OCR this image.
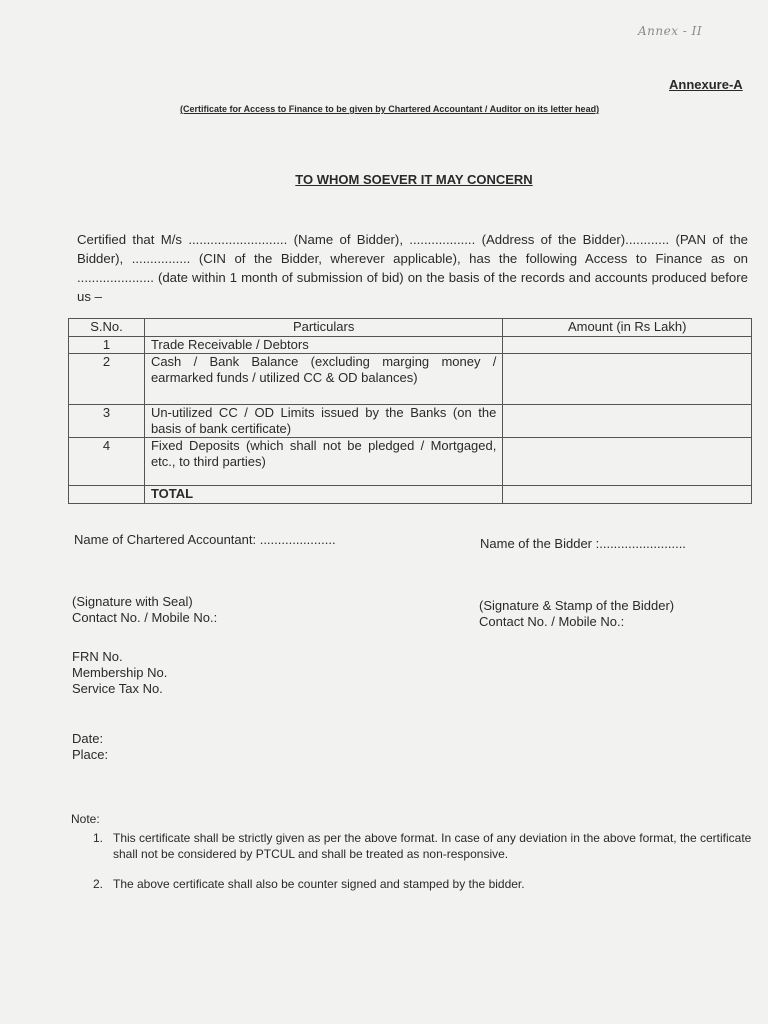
Annex - II
Annexure-A
(Certificate for Access to Finance to be given by Chartered Accountant / Auditor on its letter head)
TO WHOM SOEVER IT MAY CONCERN
Certified that M/s ........................... (Name of Bidder), .................. (Address of the Bidder)............ (PAN of the Bidder), ................ (CIN of the Bidder, wherever applicable), has the following Access to Finance as on ..................... (date within 1 month of submission of bid) on the basis of the records and accounts produced before us –
S.No.	Particulars	Amount (in Rs Lakh)
1	Trade Receivable / Debtors	
2	Cash / Bank Balance (excluding marging money / earmarked funds / utilized CC & OD balances)	
3	Un-utilized CC / OD Limits issued by the Banks (on the basis of bank certificate)	
4	Fixed Deposits (which shall not be pledged / Mortgaged, etc., to third parties)	
	TOTAL	
Name of Chartered Accountant: .....................
(Signature with Seal)
Contact No. / Mobile No.:
FRN No.
Membership No.
Service Tax No.
Date:
Place:
Name of the Bidder :........................
(Signature & Stamp of the Bidder)
Contact No. / Mobile No.:
Note:
1. This certificate shall be strictly given as per the above format. In case of any deviation in the above format, the certificate shall not be considered by PTCUL and shall be treated as non-responsive.
2. The above certificate shall also be counter signed and stamped by the bidder.
